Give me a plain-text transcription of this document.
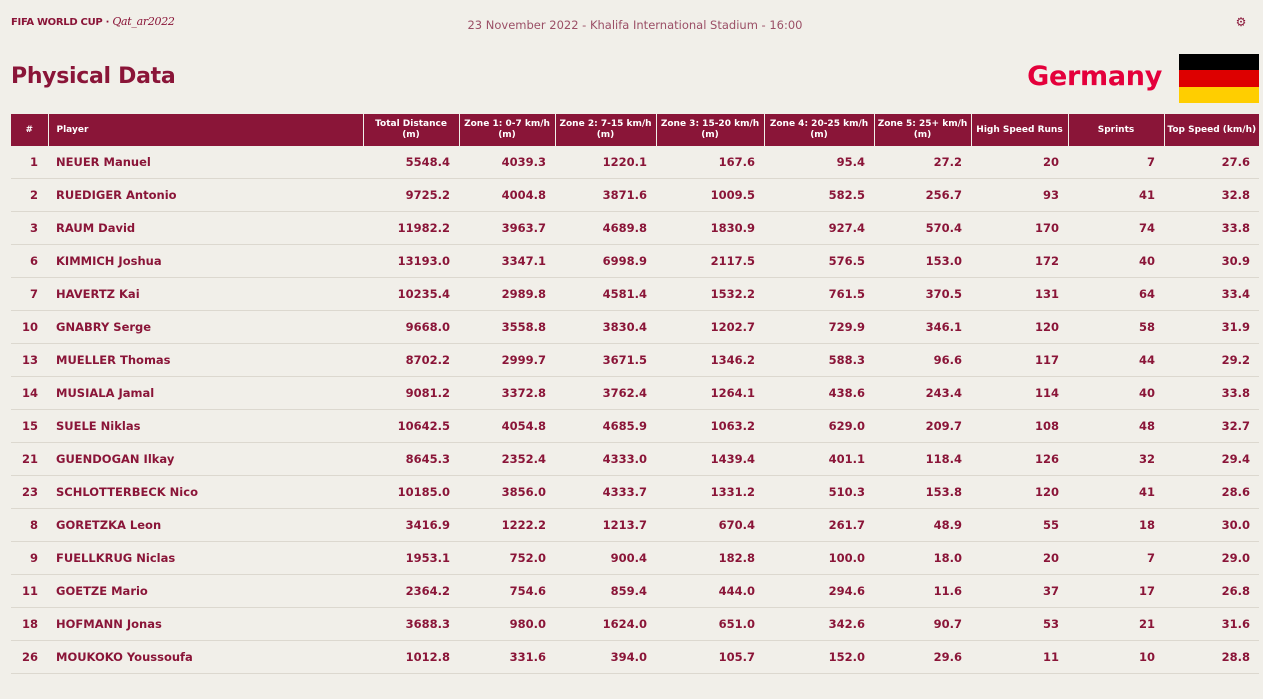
FIFA WORLD CUP · Qat_ar2022	23 November 2022 - Khalifa International Stadium - 16:00	⚙
Physical Data	Germany
#	Player	Total Distance (m)	Zone 1: 0-7 km/h (m)	Zone 2: 7-15 km/h (m)	Zone 3: 15-20 km/h (m)	Zone 4: 20-25 km/h (m)	Zone 5: 25+ km/h (m)	High Speed Runs	Sprints	Top Speed (km/h)
1	NEUER Manuel	5548.4	4039.3	1220.1	167.6	95.4	27.2	20	7	27.6
2	RUEDIGER Antonio	9725.2	4004.8	3871.6	1009.5	582.5	256.7	93	41	32.8
3	RAUM David	11982.2	3963.7	4689.8	1830.9	927.4	570.4	170	74	33.8
6	KIMMICH Joshua	13193.0	3347.1	6998.9	2117.5	576.5	153.0	172	40	30.9
7	HAVERTZ Kai	10235.4	2989.8	4581.4	1532.2	761.5	370.5	131	64	33.4
10	GNABRY Serge	9668.0	3558.8	3830.4	1202.7	729.9	346.1	120	58	31.9
13	MUELLER Thomas	8702.2	2999.7	3671.5	1346.2	588.3	96.6	117	44	29.2
14	MUSIALA Jamal	9081.2	3372.8	3762.4	1264.1	438.6	243.4	114	40	33.8
15	SUELE Niklas	10642.5	4054.8	4685.9	1063.2	629.0	209.7	108	48	32.7
21	GUENDOGAN Ilkay	8645.3	2352.4	4333.0	1439.4	401.1	118.4	126	32	29.4
23	SCHLOTTERBECK Nico	10185.0	3856.0	4333.7	1331.2	510.3	153.8	120	41	28.6
8	GORETZKA Leon	3416.9	1222.2	1213.7	670.4	261.7	48.9	55	18	30.0
9	FUELLKRUG Niclas	1953.1	752.0	900.4	182.8	100.0	18.0	20	7	29.0
11	GOETZE Mario	2364.2	754.6	859.4	444.0	294.6	11.6	37	17	26.8
18	HOFMANN Jonas	3688.3	980.0	1624.0	651.0	342.6	90.7	53	21	31.6
26	MOUKOKO Youssoufa	1012.8	331.6	394.0	105.7	152.0	29.6	11	10	28.8
